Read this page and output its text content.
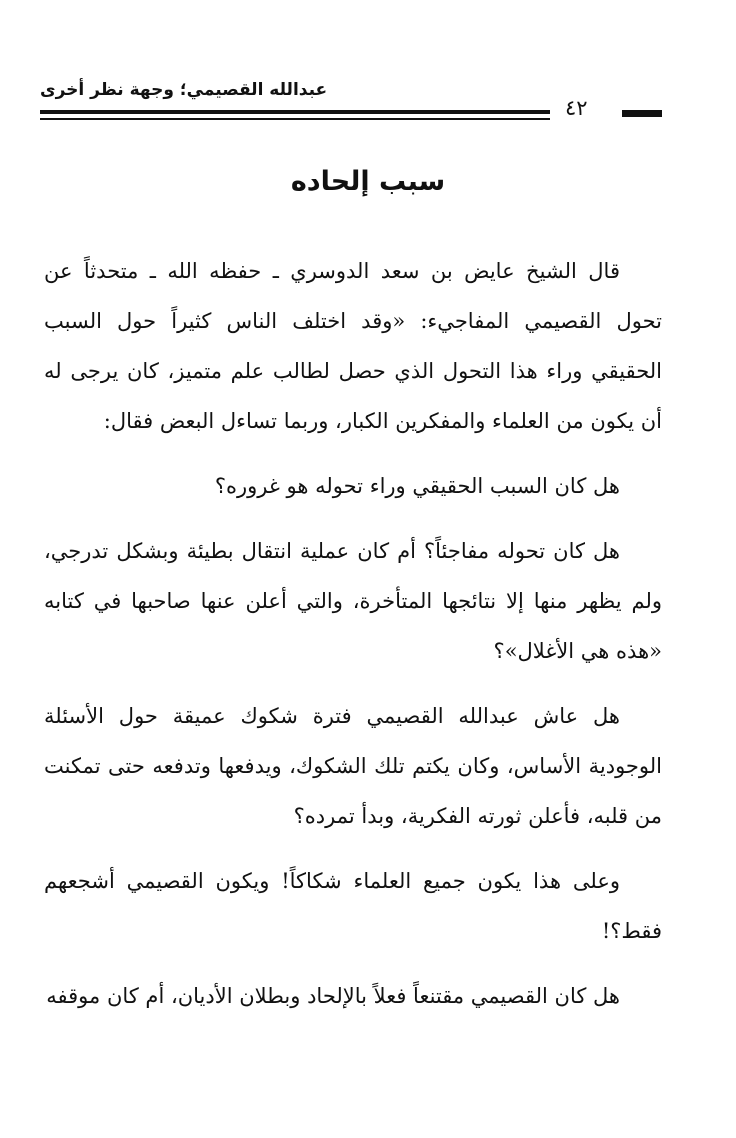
عبدالله القصيمي؛ وجهة نظر أخرى
٤٢
سبب إلحاده

قال الشيخ عايض بن سعد الدوسري ـ حفظه الله ـ متحدثاً عن تحول القصيمي المفاجيء: «وقد اختلف الناس كثيراً حول السبب الحقيقي وراء هذا التحول الذي حصل لطالب علم متميز، كان يرجى له أن يكون من العلماء والمفكرين الكبار، وربما تساءل البعض فقال:

هل كان السبب الحقيقي وراء تحوله هو غروره؟

هل كان تحوله مفاجئاً؟ أم كان عملية انتقال بطيئة وبشكل تدرجي، ولم يظهر منها إلا نتائجها المتأخرة، والتي أعلن عنها صاحبها في كتابه «هذه هي الأغلال»؟

هل عاش عبدالله القصيمي فترة شكوك عميقة حول الأسئلة الوجودية الأساس، وكان يكتم تلك الشكوك، ويدفعها وتدفعه حتى تمكنت من قلبه، فأعلن ثورته الفكرية، وبدأ تمرده؟

وعلى هذا يكون جميع العلماء شكاكاً! ويكون القصيمي أشجعهم فقط؟!

هل كان القصيمي مقتنعاً فعلاً بالإلحاد وبطلان الأديان، أم كان موقفه
